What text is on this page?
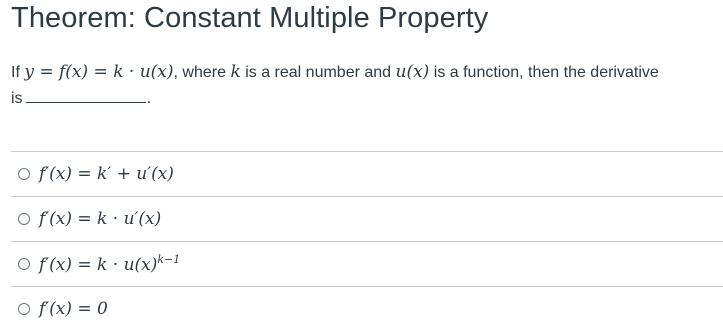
Theorem: Constant Multiple Property
If y = f(x) = k · u(x), where k is a real number and u(x) is a function, then the derivative
is	.
f′(x) = k′ + u′(x)
f′(x) = k · u′(x)
$f'(x) = k \cdot u(x)^{k-1}$
f′(x) = 0
